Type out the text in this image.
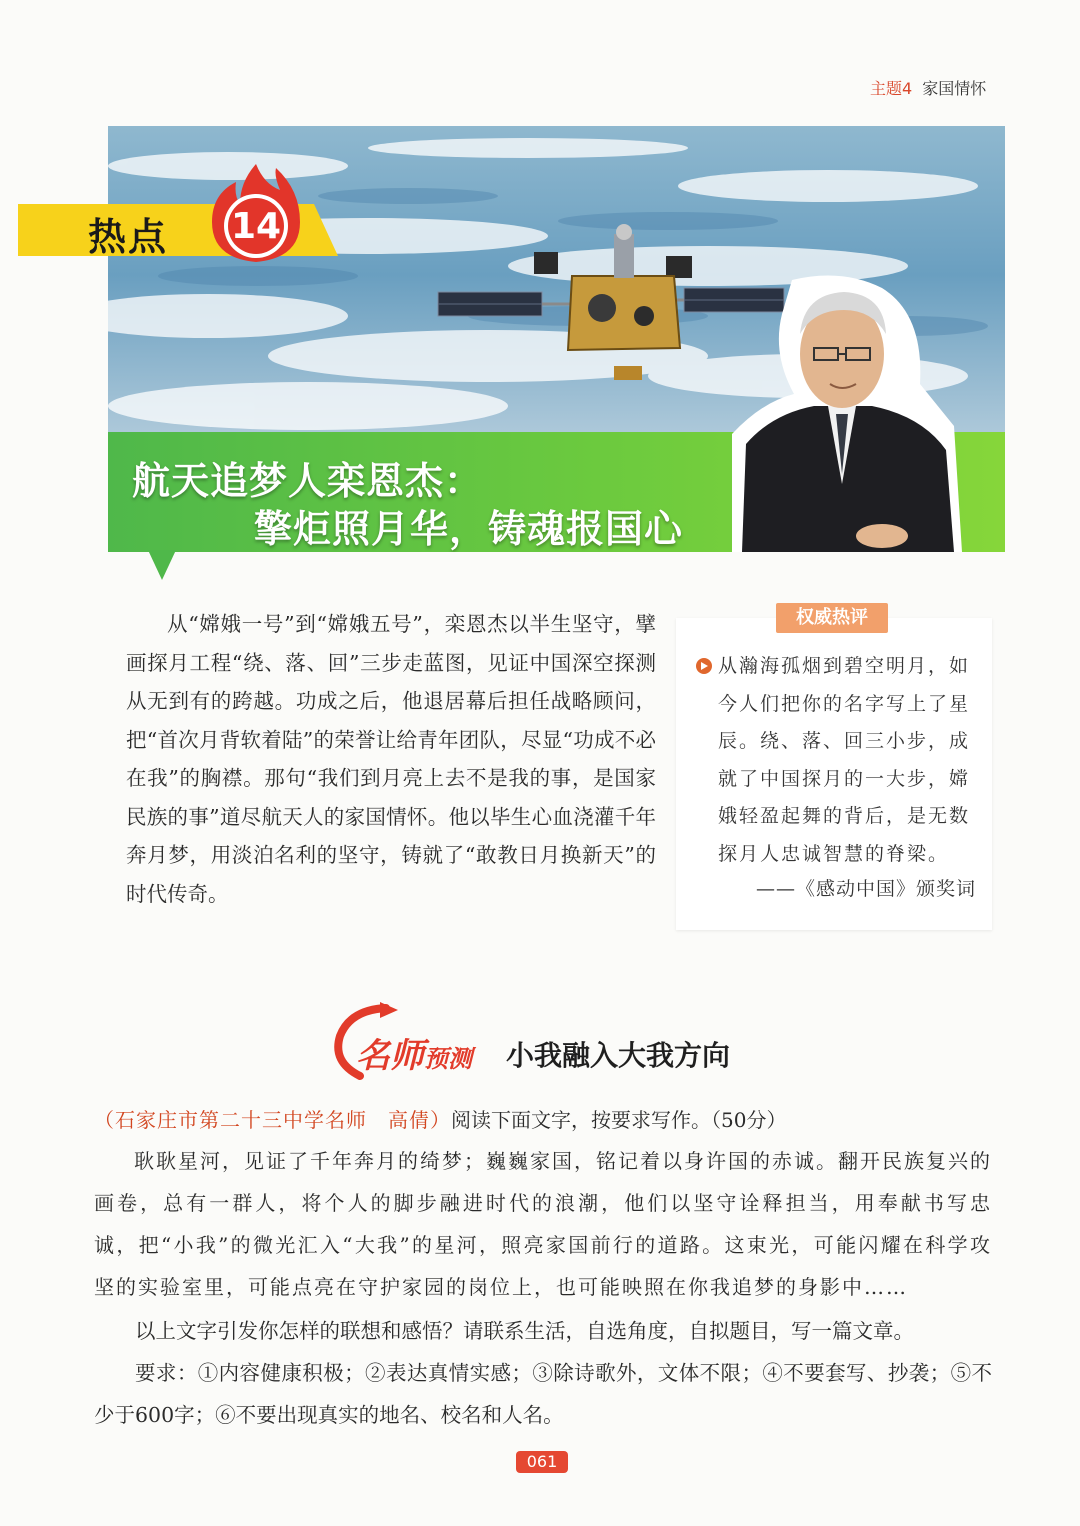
主题4 家国情怀
航天追梦人栾恩杰：
擎炬照月华，铸魂报国心
热点 14
从“嫦娥一号”到“嫦娥五号”，栾恩杰以半生坚守，擘画探月工程“绕、落、回”三步走蓝图，见证中国深空探测从无到有的跨越。功成之后，他退居幕后担任战略顾问，把“首次月背软着陆”的荣誉让给青年团队，尽显“功成不必在我”的胸襟。那句“我们到月亮上去不是我的事，是国家民族的事”道尽航天人的家国情怀。他以毕生心血浇灌千年奔月梦，用淡泊名利的坚守，铸就了“敢教日月换新天”的时代传奇。
权威热评
从瀚海孤烟到碧空明月，如今人们把你的名字写上了星辰。绕、落、回三小步，成就了中国探月的一大步，嫦娥轻盈起舞的背后，是无数探月人忠诚智慧的脊梁。
——《感动中国》颁奖词
名师预测 小我融入大我方向
（石家庄市第二十三中学名师　高倩）阅读下面文字，按要求写作。（50分）
耿耿星河，见证了千年奔月的绮梦；巍巍家国，铭记着以身许国的赤诚。翻开民族复兴的画卷，总有一群人，将个人的脚步融进时代的浪潮，他们以坚守诠释担当，用奉献书写忠诚，把“小我”的微光汇入“大我”的星河，照亮家国前行的道路。这束光，可能闪耀在科学攻坚的实验室里，可能点亮在守护家园的岗位上，也可能映照在你我追梦的身影中……
以上文字引发你怎样的联想和感悟？请联系生活，自选角度，自拟题目，写一篇文章。
要求：①内容健康积极；②表达真情实感；③除诗歌外，文体不限；④不要套写、抄袭；⑤不少于600字；⑥不要出现真实的地名、校名和人名。
061
